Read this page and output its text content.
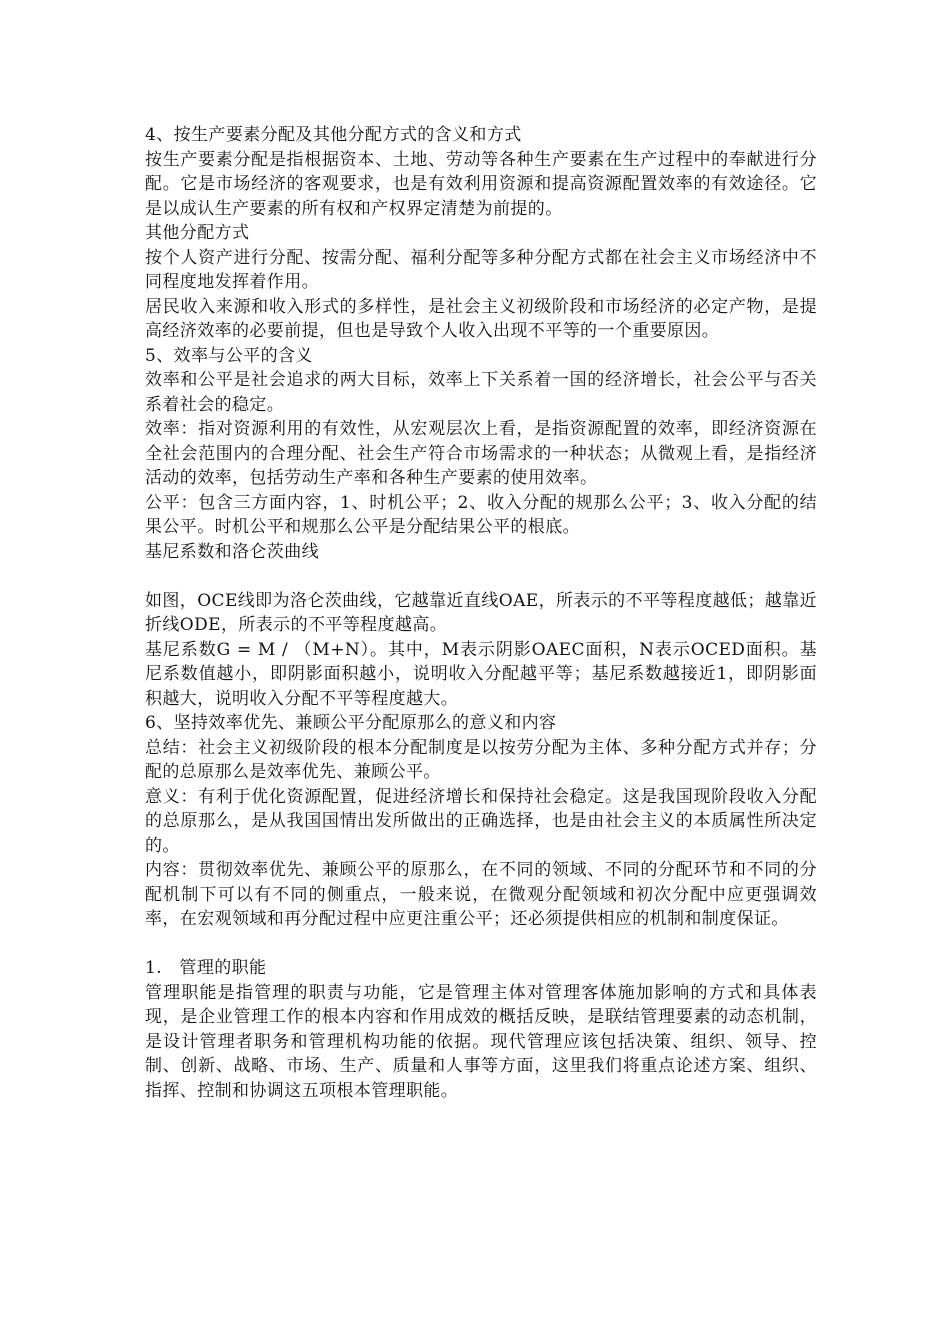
4、按生产要素分配及其他分配方式的含义和方式

按生产要素分配是指根据资本、土地、劳动等各种生产要素在生产过程中的奉献进行分配。它是市场经济的客观要求，也是有效利用资源和提高资源配置效率的有效途径。它是以成认生产要素的所有权和产权界定清楚为前提的。

其他分配方式

按个人资产进行分配、按需分配、福利分配等多种分配方式都在社会主义市场经济中不同程度地发挥着作用。

居民收入来源和收入形式的多样性，是社会主义初级阶段和市场经济的必定产物，是提高经济效率的必要前提，但也是导致个人收入出现不平等的一个重要原因。

5、效率与公平的含义

效率和公平是社会追求的两大目标，效率上下关系着一国的经济增长，社会公平与否关系着社会的稳定。

效率：指对资源利用的有效性，从宏观层次上看，是指资源配置的效率，即经济资源在全社会范围内的合理分配、社会生产符合市场需求的一种状态；从微观上看，是指经济活动的效率，包括劳动生产率和各种生产要素的使用效率。

公平：包含三方面内容，1、时机公平；2、收入分配的规那么公平；3、收入分配的结果公平。时机公平和规那么公平是分配结果公平的根底。

基尼系数和洛仑茨曲线

如图，OCE线即为洛仑茨曲线，它越靠近直线OAE，所表示的不平等程度越低；越靠近折线ODE，所表示的不平等程度越高。

基尼系数G = M / （M+N）。其中，M表示阴影OAEC面积，N表示OCED面积。基尼系数值越小，即阴影面积越小，说明收入分配越平等；基尼系数越接近1，即阴影面积越大，说明收入分配不平等程度越大。

6、坚持效率优先、兼顾公平分配原那么的意义和内容

总结：社会主义初级阶段的根本分配制度是以按劳分配为主体、多种分配方式并存；分配的总原那么是效率优先、兼顾公平。

意义：有利于优化资源配置，促进经济增长和保持社会稳定。这是我国现阶段收入分配的总原那么，是从我国国情出发所做出的正确选择，也是由社会主义的本质属性所决定的。

内容：贯彻效率优先、兼顾公平的原那么，在不同的领域、不同的分配环节和不同的分配机制下可以有不同的侧重点，一般来说，在微观分配领域和初次分配中应更强调效率，在宏观领域和再分配过程中应更注重公平；还必须提供相应的机制和制度保证。

1.　管理的职能

管理职能是指管理的职责与功能，它是管理主体对管理客体施加影响的方式和具体表现，是企业管理工作的根本内容和作用成效的概括反映，是联结管理要素的动态机制，是设计管理者职务和管理机构功能的依据。现代管理应该包括决策、组织、领导、控制、创新、战略、市场、生产、质量和人事等方面，这里我们将重点论述方案、组织、指挥、控制和协调这五项根本管理职能。
